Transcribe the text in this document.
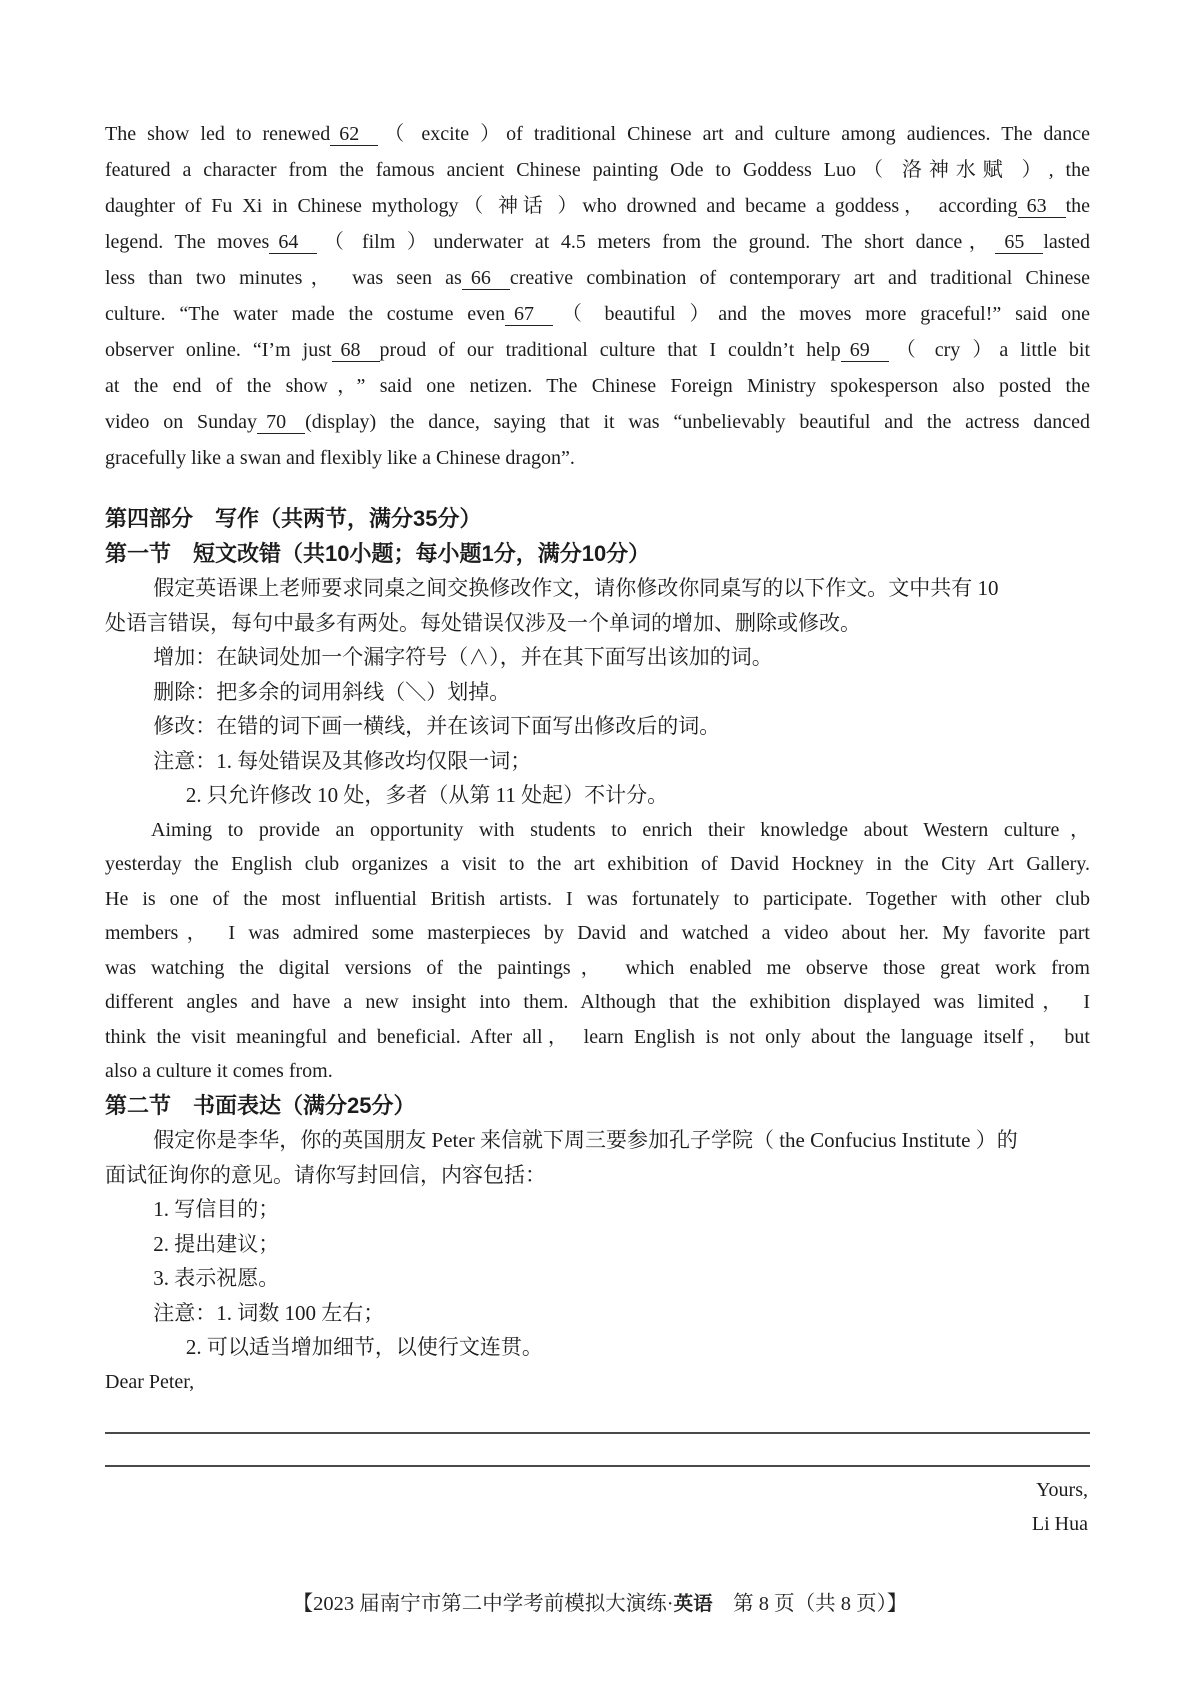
The show led to renewed 62 （ excite ）of traditional Chinese art and culture among audiences. The dance
featured a character from the famous ancient Chinese painting Ode to Goddess Luo（ 洛神水赋 ）, the
daughter of Fu Xi in Chinese mythology（ 神话 ）who drowned and became a goddess， according 63 the
legend. The moves 64 （ film ）underwater at 4.5 meters from the ground. The short dance， 65 lasted
less than two minutes， was seen as 66 creative combination of contemporary art and traditional Chinese
culture. “The water made the costume even 67 （ beautiful ）and the moves more graceful!” said one
observer online. “I’m just 68 proud of our traditional culture that I couldn’t help 69 （ cry ）a little bit
at the end of the show，” said one netizen. The Chinese Foreign Ministry spokesperson also posted the
video on Sunday 70 (display) the dance, saying that it was “unbelievably beautiful and the actress danced
gracefully like a swan and flexibly like a Chinese dragon”.
第四部分　写作（共两节，满分35分）
第一节　短文改错（共10小题；每小题1分，满分10分）
假定英语课上老师要求同桌之间交换修改作文，请你修改你同桌写的以下作文。文中共有 10
处语言错误，每句中最多有两处。每处错误仅涉及一个单词的增加、删除或修改。
增加：在缺词处加一个漏字符号（∧），并在其下面写出该加的词。
删除：把多余的词用斜线（＼）划掉。
修改：在错的词下画一横线，并在该词下面写出修改后的词。
注意：1. 每处错误及其修改均仅限一词；
2. 只允许修改 10 处，多者（从第 11 处起）不计分。
Aiming to provide an opportunity with students to enrich their knowledge about Western culture，
yesterday the English club organizes a visit to the art exhibition of David Hockney in the City Art Gallery.
He is one of the most influential British artists. I was fortunately to participate. Together with other club
members， I was admired some masterpieces by David and watched a video about her. My favorite part
was watching the digital versions of the paintings， which enabled me observe those great work from
different angles and have a new insight into them. Although that the exhibition displayed was limited， I
think the visit meaningful and beneficial. After all， learn English is not only about the language itself， but
also a culture it comes from.
第二节　书面表达（满分25分）
假定你是李华，你的英国朋友 Peter 来信就下周三要参加孔子学院（ the Confucius Institute ）的
面试征询你的意见。请你写封回信，内容包括：
1. 写信目的；
2. 提出建议；
3. 表示祝愿。
注意：1. 词数 100 左右；
2. 可以适当增加细节，以使行文连贯。
Dear Peter,
Yours,
Li Hua
【2023 届南宁市第二中学考前模拟大演练·英语　第 8 页（共 8 页）】
